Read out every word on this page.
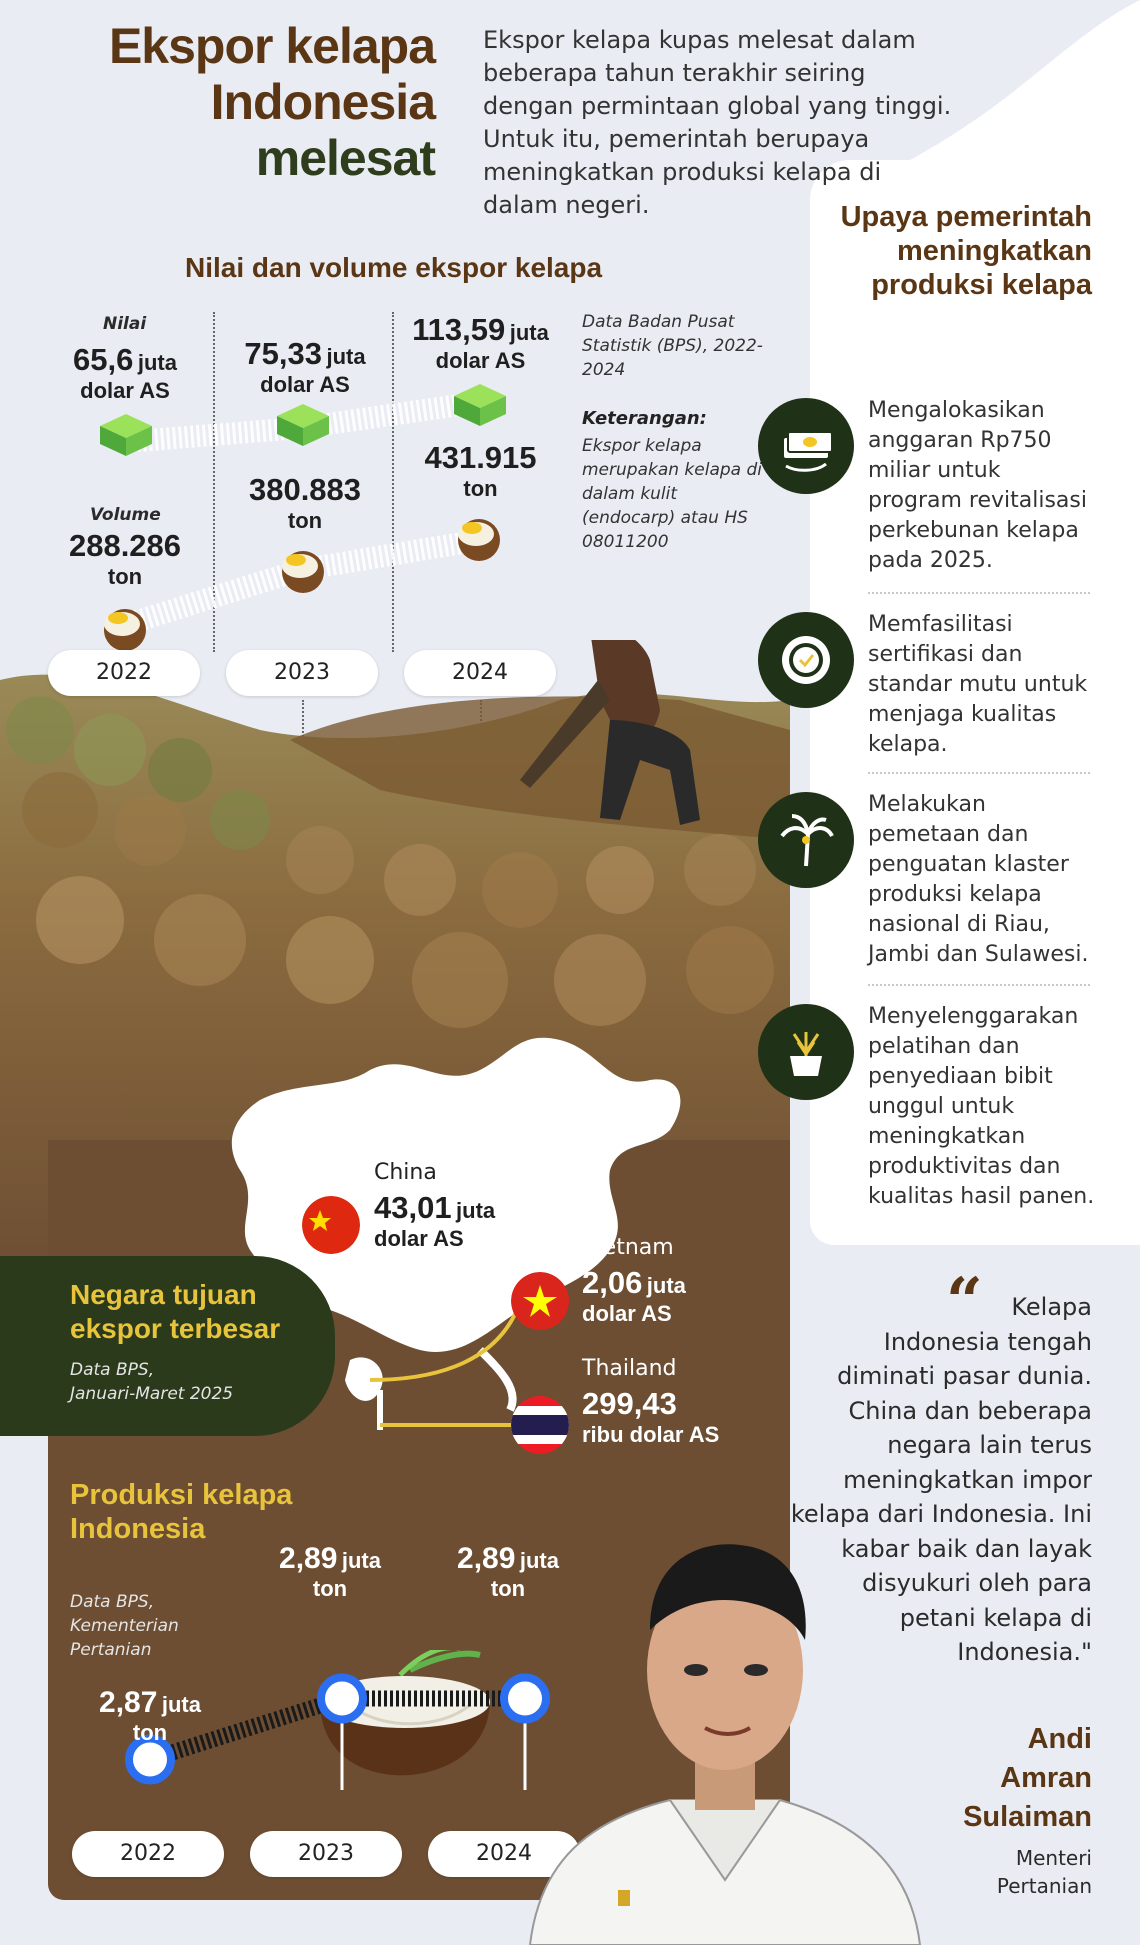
Ekspor kelapa
Indonesia
melesat
Ekspor kelapa kupas melesat dalam beberapa tahun terakhir seiring dengan permintaan global yang tinggi. Untuk itu, pemerintah berupaya meningkatkan produksi kelapa di dalam negeri.
Nilai dan volume ekspor kelapa
Nilai
Volume
65,6 juta
dolar AS
288.286
ton
75,33 juta
dolar AS
380.883
ton
113,59 juta
dolar AS
431.915
ton
Data Badan Pusat Statistik (BPS), 2022-2024
Keterangan:
Ekspor kelapa merupakan kelapa di dalam kulit (endocarp) atau HS 08011200
Negara tujuan ekspor terbesar
Data BPS,
Januari-Maret 2025
China
43,01 juta
dolar AS	Vietnam
2,06 juta
dolar AS
Thailand
299,43
ribu dolar AS
Produksi kelapa Indonesia
Data BPS,
Kementerian
Pertanian
2,87 juta
ton
2,89 juta
ton
2,89 juta
ton
2022	2023	2024
2022	2023	2024
Upaya pemerintah meningkatkan produksi kelapa
Mengalokasikan anggaran Rp750 miliar untuk program revitalisasi perkebunan kelapa pada 2025.
Memfasilitasi sertifikasi dan standar mutu untuk menjaga kualitas kelapa.
Melakukan pemetaan dan penguatan klaster produksi kelapa nasional di Riau, Jambi dan Sulawesi.
Menyelenggarakan pelatihan dan penyediaan bibit unggul untuk meningkatkan produktivitas dan kualitas hasil panen.
“	Kelapa Indonesia tengah diminati pasar dunia. China dan beberapa negara lain terus meningkatkan impor kelapa dari Indonesia. Ini kabar baik dan layak disyukuri oleh para petani kelapa di Indonesia."
Andi
Amran
Sulaiman
Menteri
Pertanian
